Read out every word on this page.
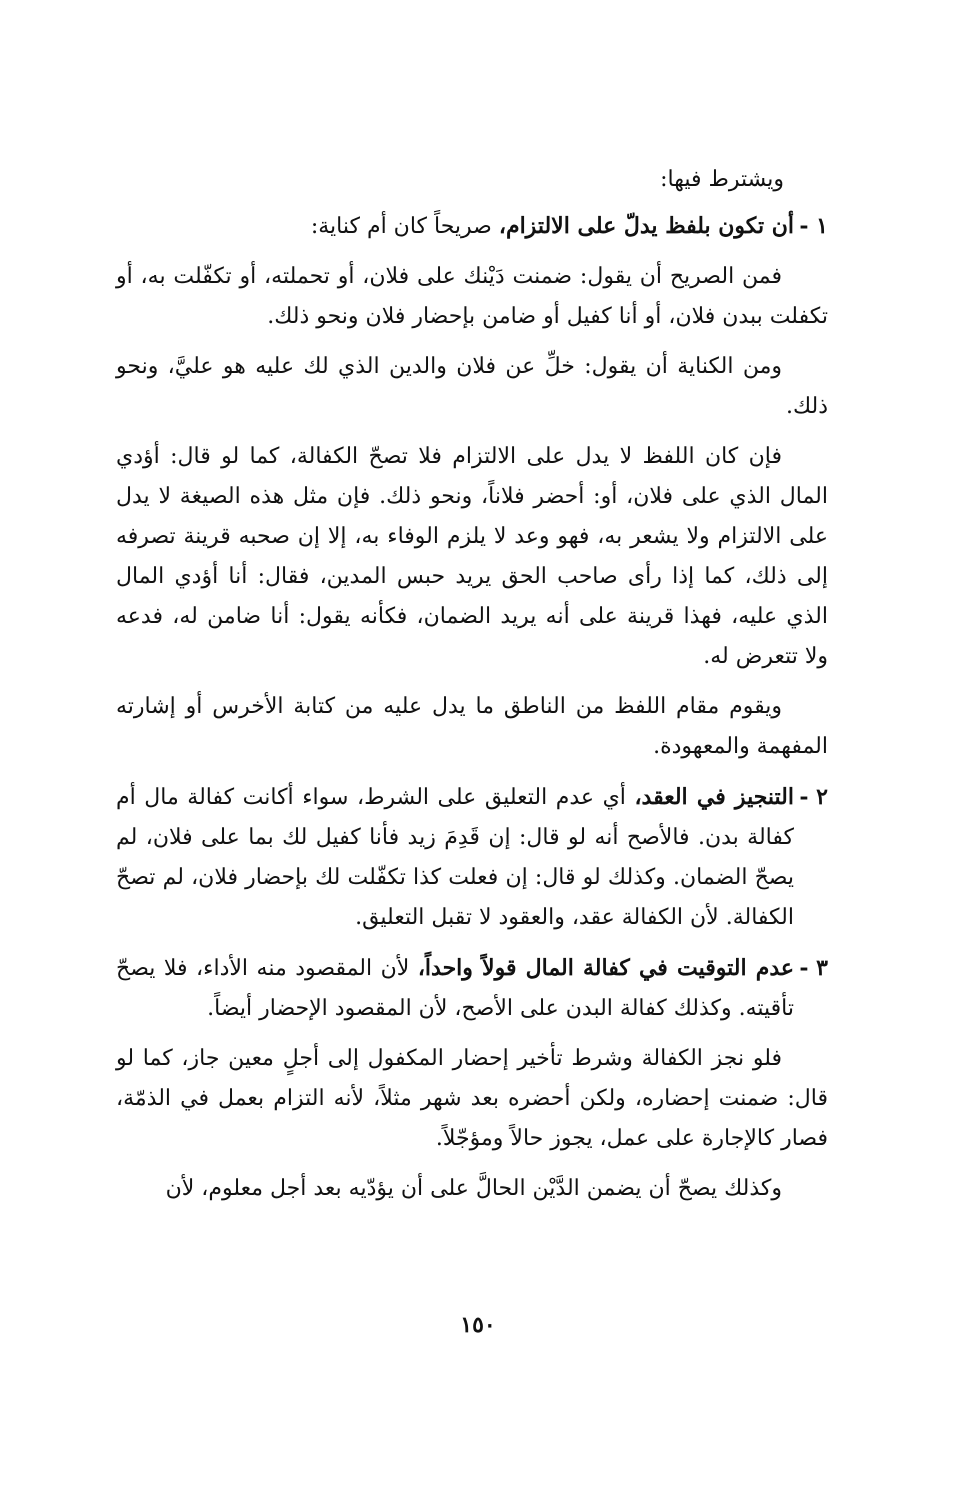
ويشترط فيها:

١ -
أن تكون بلفظ يدلّ على الالتزام، صريحاً كان أم كناية:

فمن الصريح أن يقول: ضمنت دَيْنك على فلان، أو تحملته، أو تكفّلت به، أو تكفلت ببدن فلان، أو أنا كفيل أو ضامن بإحضار فلان ونحو ذلك.

ومن الكناية أن يقول: خلِّ عن فلان والدين الذي لك عليه هو عليَّ، ونحو ذلك.

فإن كان اللفظ لا يدل على الالتزام فلا تصحّ الكفالة، كما لو قال: أؤدي المال الذي على فلان، أو: أحضر فلاناً، ونحو ذلك. فإن مثل هذه الصيغة لا يدل على الالتزام ولا يشعر به، فهو وعد لا يلزم الوفاء به، إلا إن صحبه قرينة تصرفه إلى ذلك، كما إذا رأى صاحب الحق يريد حبس المدين، فقال: أنا أؤدي المال الذي عليه، فهذا قرينة على أنه يريد الضمان، فكأنه يقول: أنا ضامن له، فدعه ولا تتعرض له.

ويقوم مقام اللفظ من الناطق ما يدل عليه من كتابة الأخرس أو إشارته المفهمة والمعهودة.

٢ -
التنجيز في العقد، أي عدم التعليق على الشرط، سواء أكانت كفالة مال أم كفالة بدن. فالأصح أنه لو قال: إن قَدِمَ زيد فأنا كفيل لك بما على فلان، لم يصحّ الضمان. وكذلك لو قال: إن فعلت كذا تكفّلت لك بإحضار فلان، لم تصحّ الكفالة. لأن الكفالة عقد، والعقود لا تقبل التعليق.

٣ -
عدم التوقيت في كفالة المال قولاً واحداً، لأن المقصود منه الأداء، فلا يصحّ تأقيته. وكذلك كفالة البدن على الأصح، لأن المقصود الإحضار أيضاً.

فلو نجز الكفالة وشرط تأخير إحضار المكفول إلى أجلٍ معين جاز، كما لو قال: ضمنت إحضاره، ولكن أحضره بعد شهر مثلاً، لأنه التزام بعمل في الذمّة، فصار كالإجارة على عمل، يجوز حالاً ومؤجّلاً.

وكذلك يصحّ أن يضمن الدَّيْن الحالَّ على أن يؤدّيه بعد أجل معلوم، لأن

١٥٠
